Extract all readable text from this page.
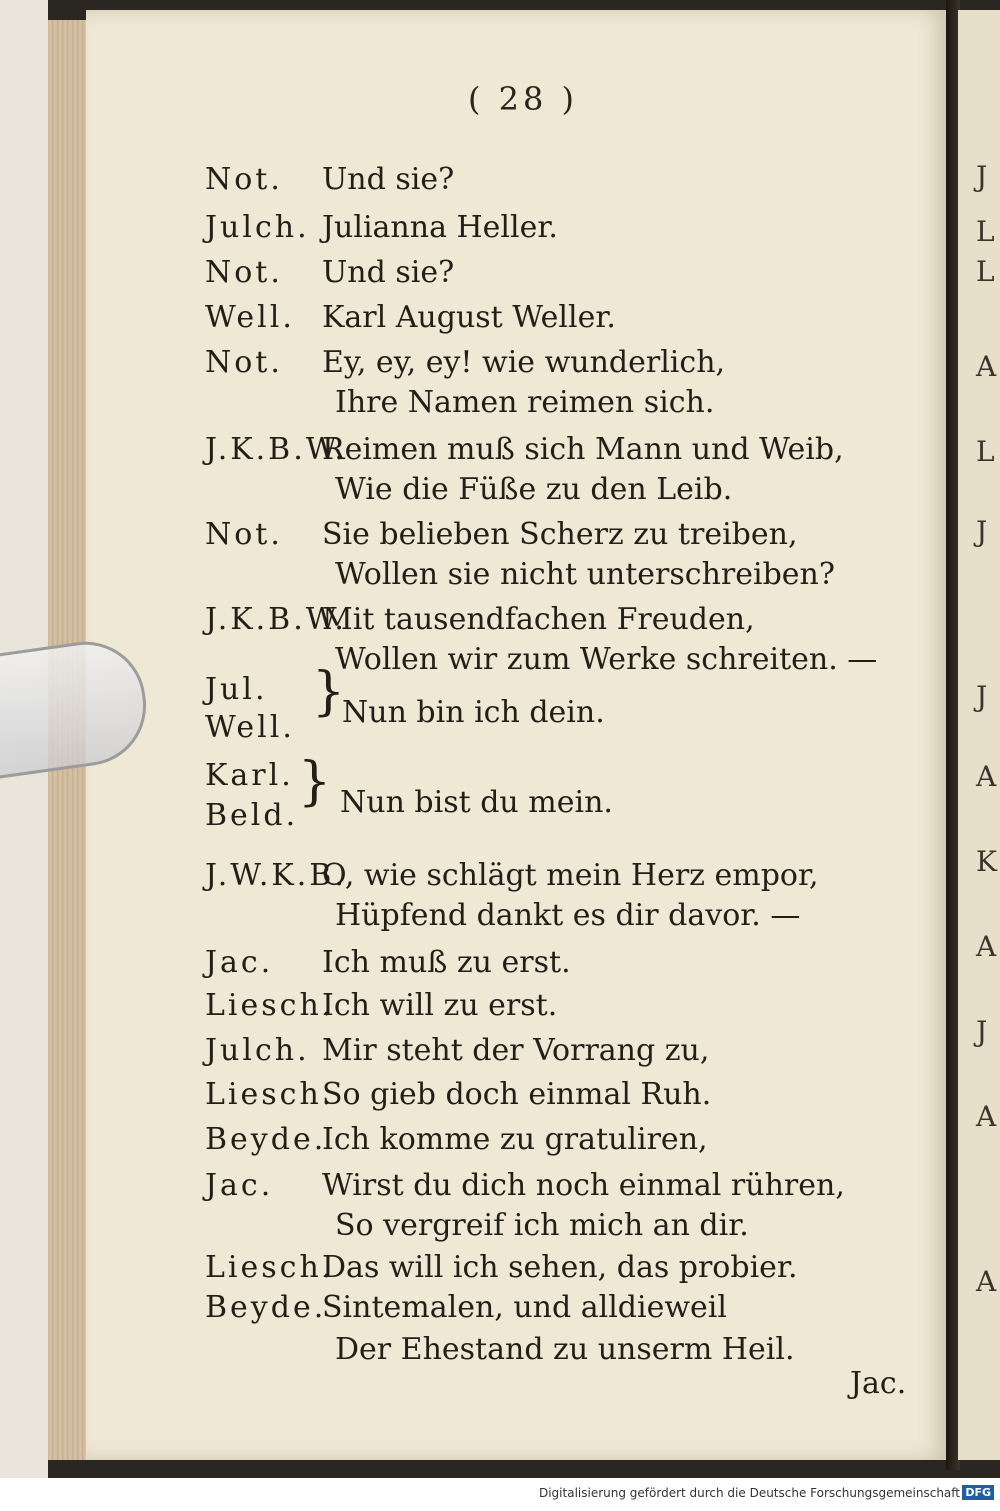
J
L
L
A
L
J
J
A
K
A
J
A
A
( 28 )
Not. Und sie?
Julch. Julianna Heller.
Not. Und sie?
Well. Karl August Weller.
Not. Ey, ey, ey! wie wunderlich,
Ihre Namen reimen sich.
J.K.B.W.
Reimen muß sich Mann und Weib,
Wie die Füße zu den Leib.
Not. Sie belieben Scherz zu treiben,
Wollen sie nicht unterschreiben?
J.K.B.W.
Mit tausendfachen Freuden,
Wollen wir zum Werke schreiten. —
J.W.K.B.
O, wie schlägt mein Herz empor,
Hüpfend dankt es dir davor. —
Jac. Ich muß zu erst.
Liesch.
Ich will zu erst.
Julch. Mir steht der Vorrang zu,
Liesch.
So gieb doch einmal Ruh.
Beyde.
Ich komme zu gratuliren,
Jac. Wirst du dich noch einmal rühren,
So vergreif ich mich an dir.
Liesch.
Das will ich sehen, das probier.
Beyde.
Sintemalen, und alldieweil
Der Ehestand zu unserm Heil.
Jul.
Well.
}
Nun bin ich dein.
Karl.
Beld.
} Nun bist du mein.
Jac.
Digitalisierung gefördert durch die Deutsche Forschungsgemeinschaft DFG
